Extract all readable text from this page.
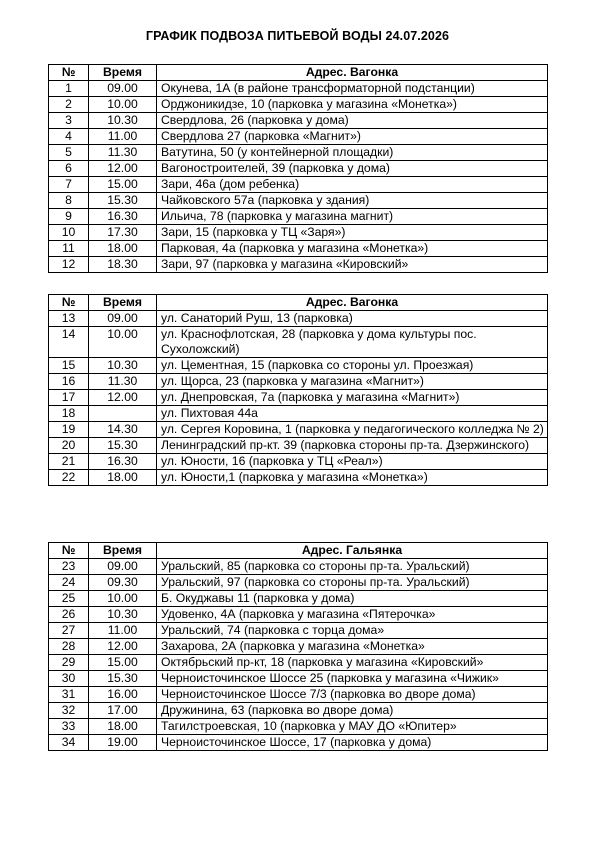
ГРАФИК ПОДВОЗА ПИТЬЕВОЙ ВОДЫ 24.07.2026
№	Время	Адрес. Вагонка
1	09.00	Окунева, 1А (в районе трансформаторной подстанции)
2	10.00	Орджоникидзе, 10 (парковка у магазина «Монетка»)
3	10.30	Свердлова, 26 (парковка у дома)
4	11.00	Свердлова 27 (парковка «Магнит»)
5	11.30	Ватутина, 50 (у контейнерной площадки)
6	12.00	Вагоностроителей, 39 (парковка у дома)
7	15.00	Зари, 46а (дом ребенка)
8	15.30	Чайковского 57а (парковка у здания)
9	16.30	Ильича, 78 (парковка у магазина магнит)
10	17.30	Зари, 15 (парковка у ТЦ «Заря»)
11	18.00	Парковая, 4а (парковка у магазина «Монетка»)
12	18.30	Зари, 97 (парковка у магазина «Кировский»
№	Время	Адрес. Вагонка
13	09.00	ул. Санаторий Руш, 13 (парковка)
14	10.00	ул. Краснофлотская, 28 (парковка у дома культуры пос. Сухоложский)
15	10.30	ул. Цементная, 15 (парковка со стороны ул. Проезжая)
16	11.30	ул. Щорса, 23 (парковка у магазина «Магнит»)
17	12.00	ул. Днепровская, 7а (парковка у магазина «Магнит»)
18		ул. Пихтовая 44а
19	14.30	ул. Сергея Коровина, 1 (парковка у педагогического колледжа № 2)
20	15.30	Ленинградский пр-кт. 39 (парковка стороны пр-та. Дзержинского)
21	16.30	ул. Юности, 16 (парковка у ТЦ «Реал»)
22	18.00	ул. Юности,1 (парковка у магазина «Монетка»)
№	Время	Адрес. Гальянка
23	09.00	Уральский, 85 (парковка со стороны пр-та. Уральский)
24	09.30	Уральский, 97 (парковка со стороны пр-та. Уральский)
25	10.00	Б. Окуджавы 11 (парковка у дома)
26	10.30	Удовенко, 4А (парковка у магазина «Пятерочка»
27	11.00	Уральский, 74 (парковка с торца дома»
28	12.00	Захарова, 2А (парковка у магазина «Монетка»
29	15.00	Октябрьский пр-кт, 18 (парковка у магазина «Кировский»
30	15.30	Черноисточинское Шоссе 25 (парковка у магазина «Чижик»
31	16.00	Черноисточинское Шоссе 7/3 (парковка во дворе дома)
32	17.00	Дружинина, 63 (парковка во дворе дома)
33	18.00	Тагилстроевская, 10 (парковка у МАУ ДО «Юпитер»
34	19.00	Черноисточинское Шоссе, 17 (парковка у дома)
